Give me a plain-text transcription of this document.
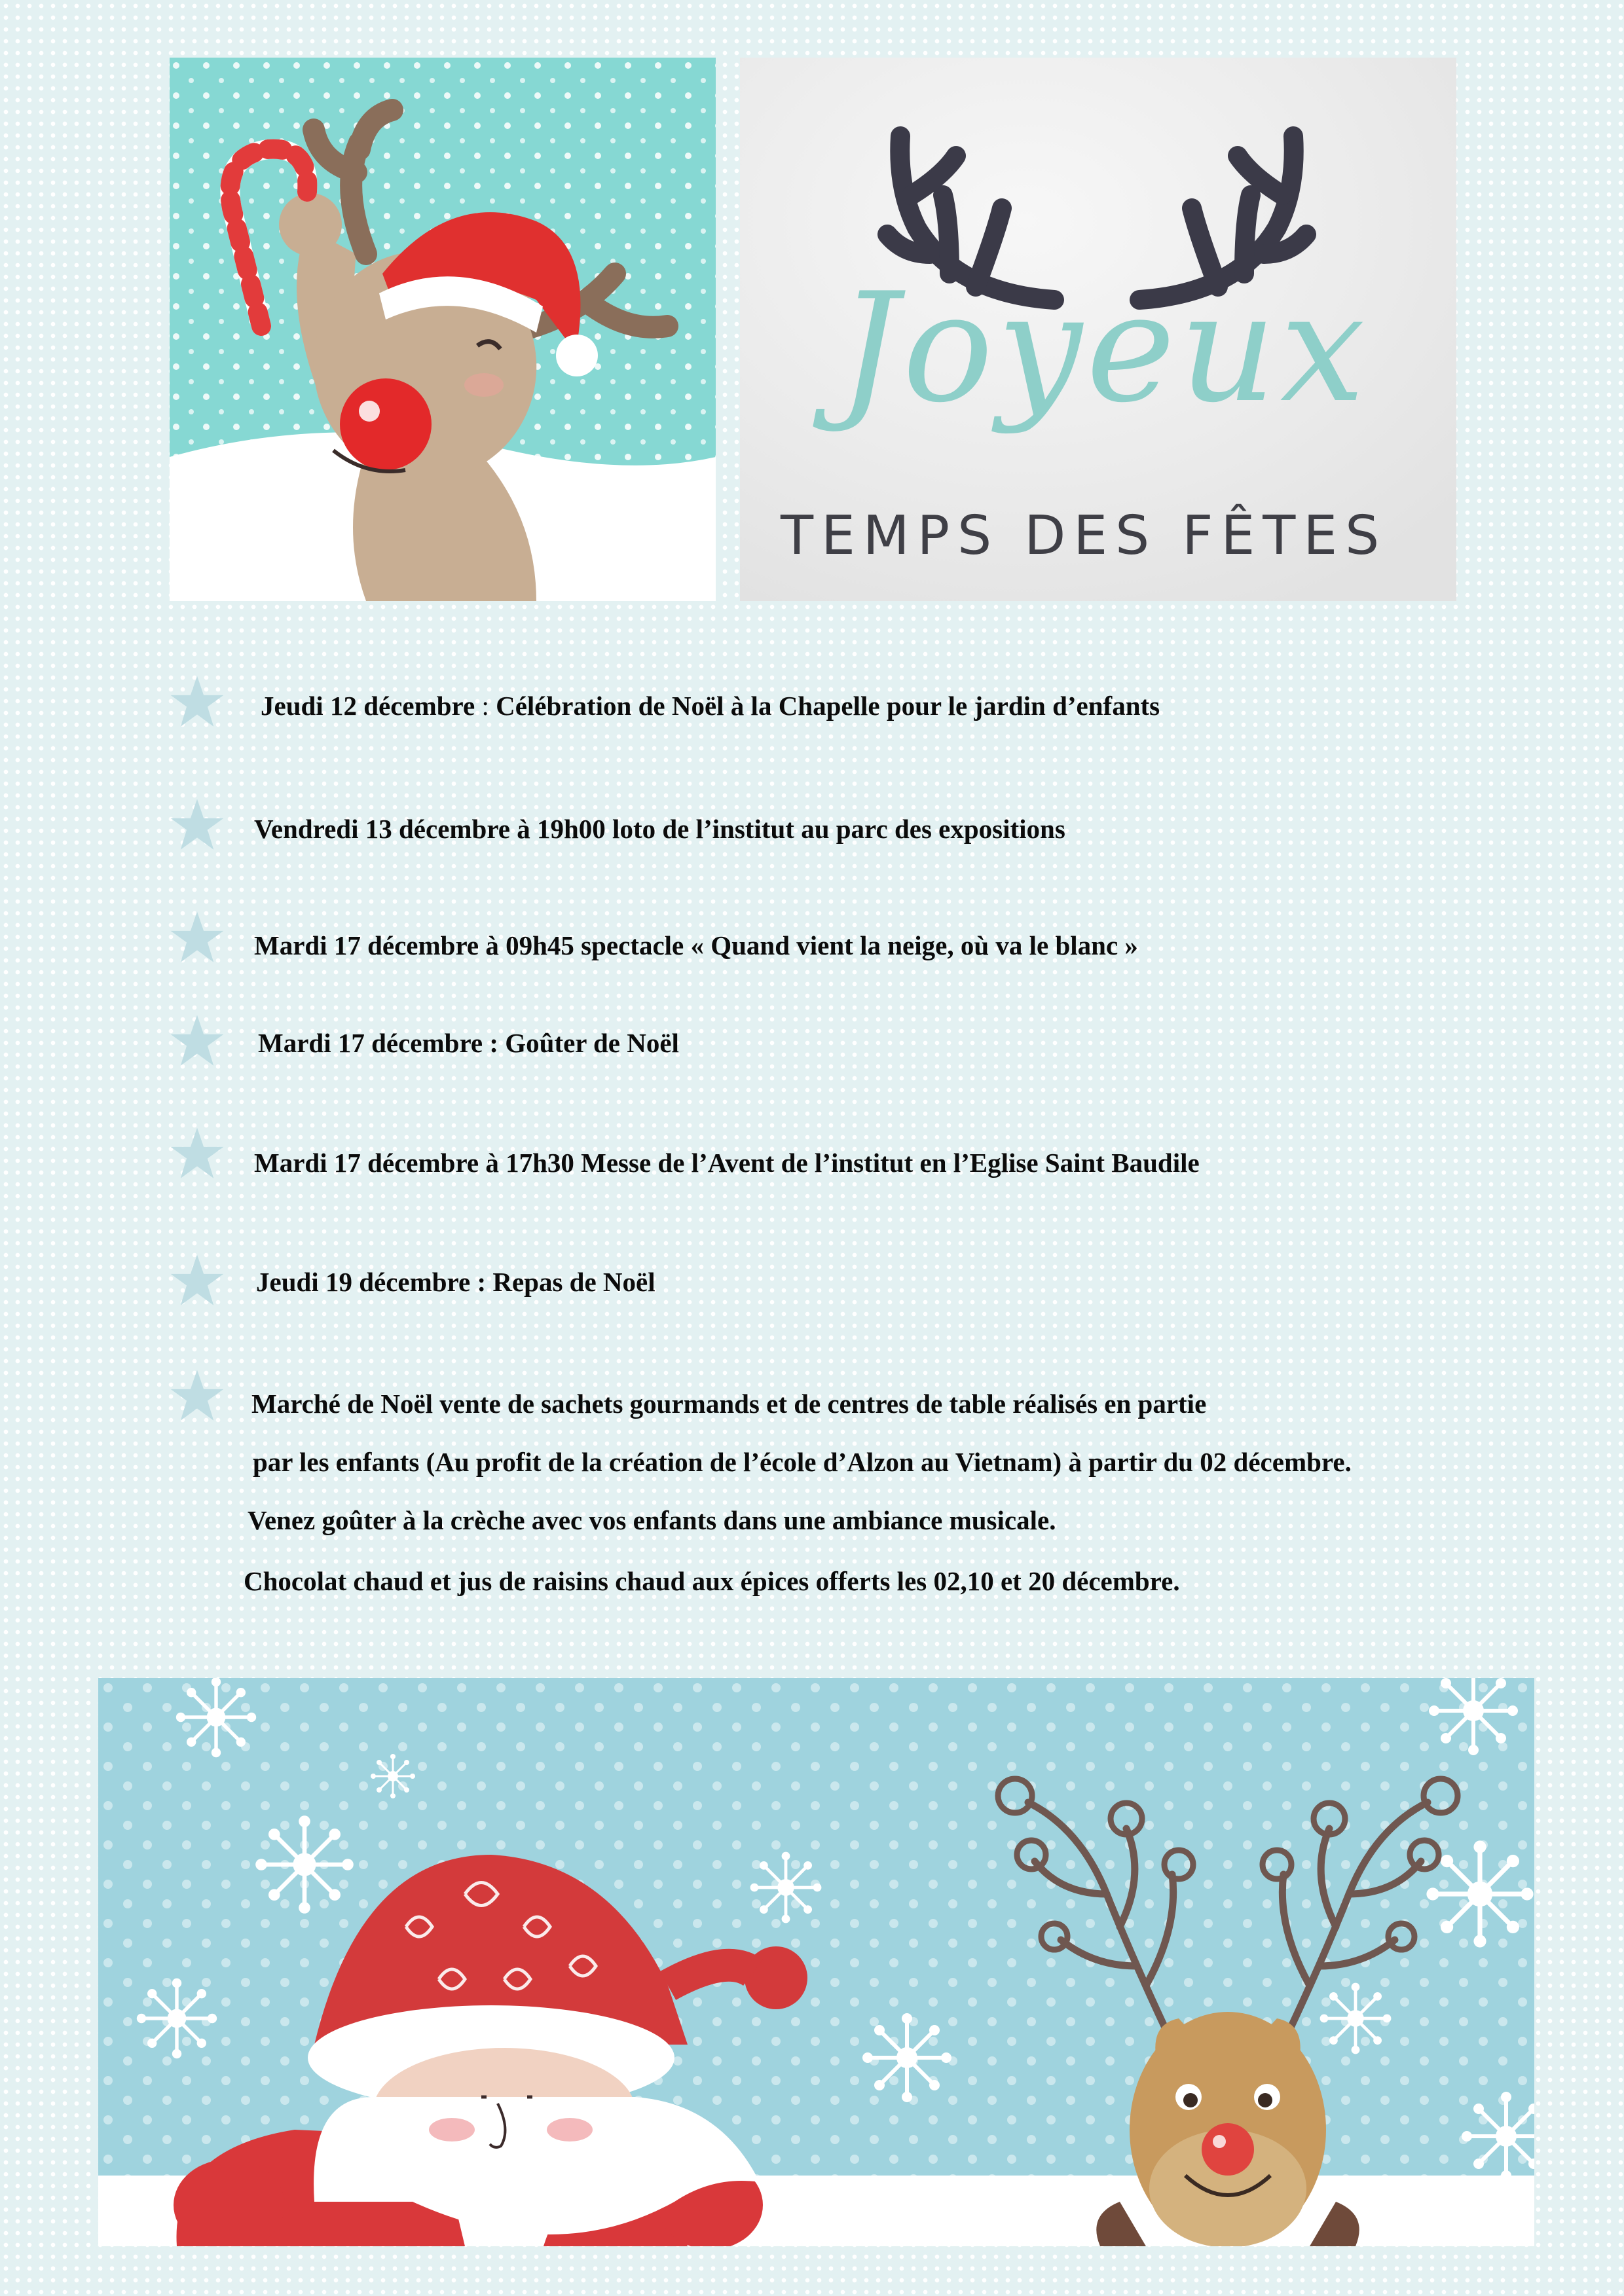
Joyeux
TEMPS DES FÊTES
Jeudi 12 décembre : Célébration de Noël à la Chapelle pour le jardin d’enfants
Vendredi 13 décembre à 19h00 loto de l’institut au parc des expositions
Mardi 17 décembre à 09h45 spectacle « Quand vient la neige, où va le blanc »
Mardi 17 décembre : Goûter de Noël
Mardi 17 décembre à 17h30 Messe de l’Avent de l’institut en l’Eglise Saint Baudile
Jeudi 19 décembre : Repas de Noël
Marché de Noël vente de sachets gourmands et de centres de table réalisés en partie
par les enfants (Au profit de la création de l’école d’Alzon au Vietnam) à partir du 02 décembre.
Venez goûter à la crèche avec vos enfants dans une ambiance musicale.
Chocolat chaud et jus de raisins chaud aux épices offerts les 02,10 et 20 décembre.
